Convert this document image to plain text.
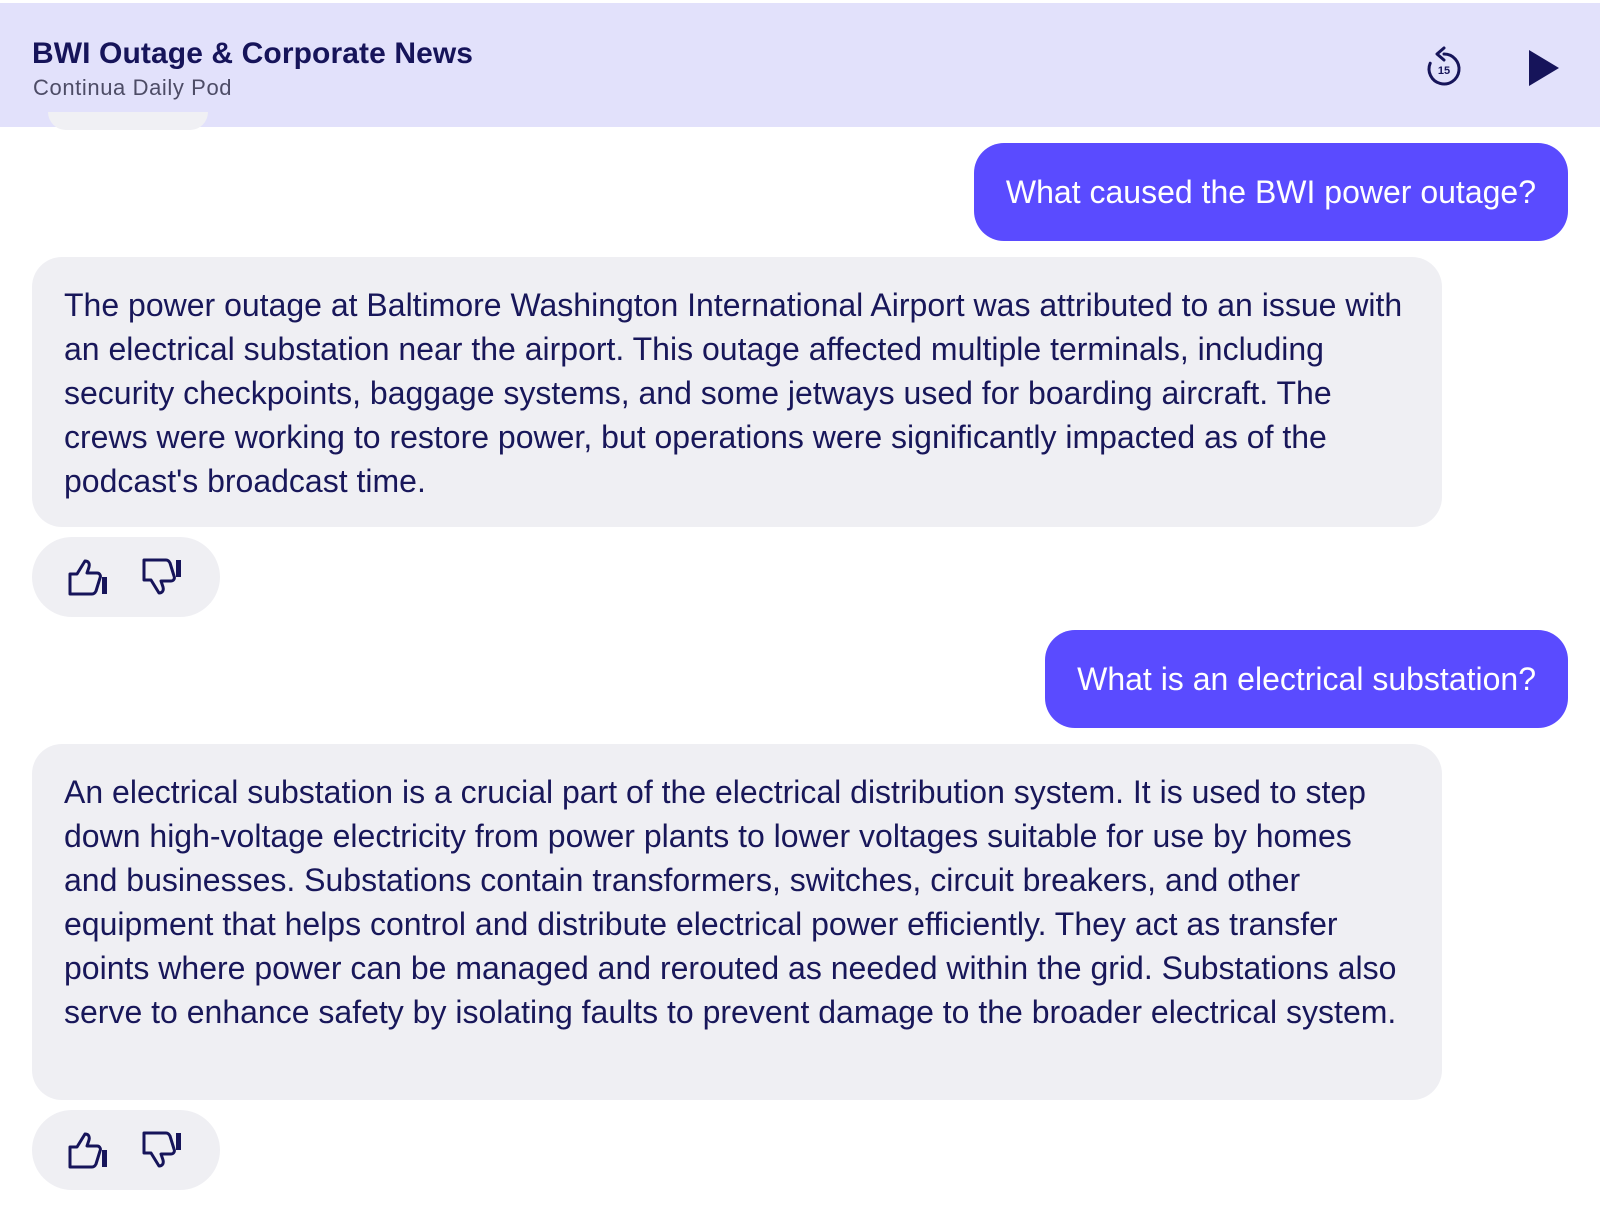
BWI Outage & Corporate News
Continua Daily Pod
15
What caused the BWI power outage?
The power outage at Baltimore Washington International Airport was attributed to an issue with an electrical substation near the airport. This outage affected multiple terminals, including security checkpoints, baggage systems, and some jetways used for boarding aircraft. The crews were working to restore power, but operations were significantly impacted as of the podcast's broadcast time.
What is an electrical substation?
An electrical substation is a crucial part of the electrical distribution system. It is used to step down high-voltage electricity from power plants to lower voltages suitable for use by homes and businesses. Substations contain transformers, switches, circuit breakers, and other equipment that helps control and distribute electrical power efficiently. They act as transfer points where power can be managed and rerouted as needed within the grid. Substations also serve to enhance safety by isolating faults to prevent damage to the broader electrical system.
